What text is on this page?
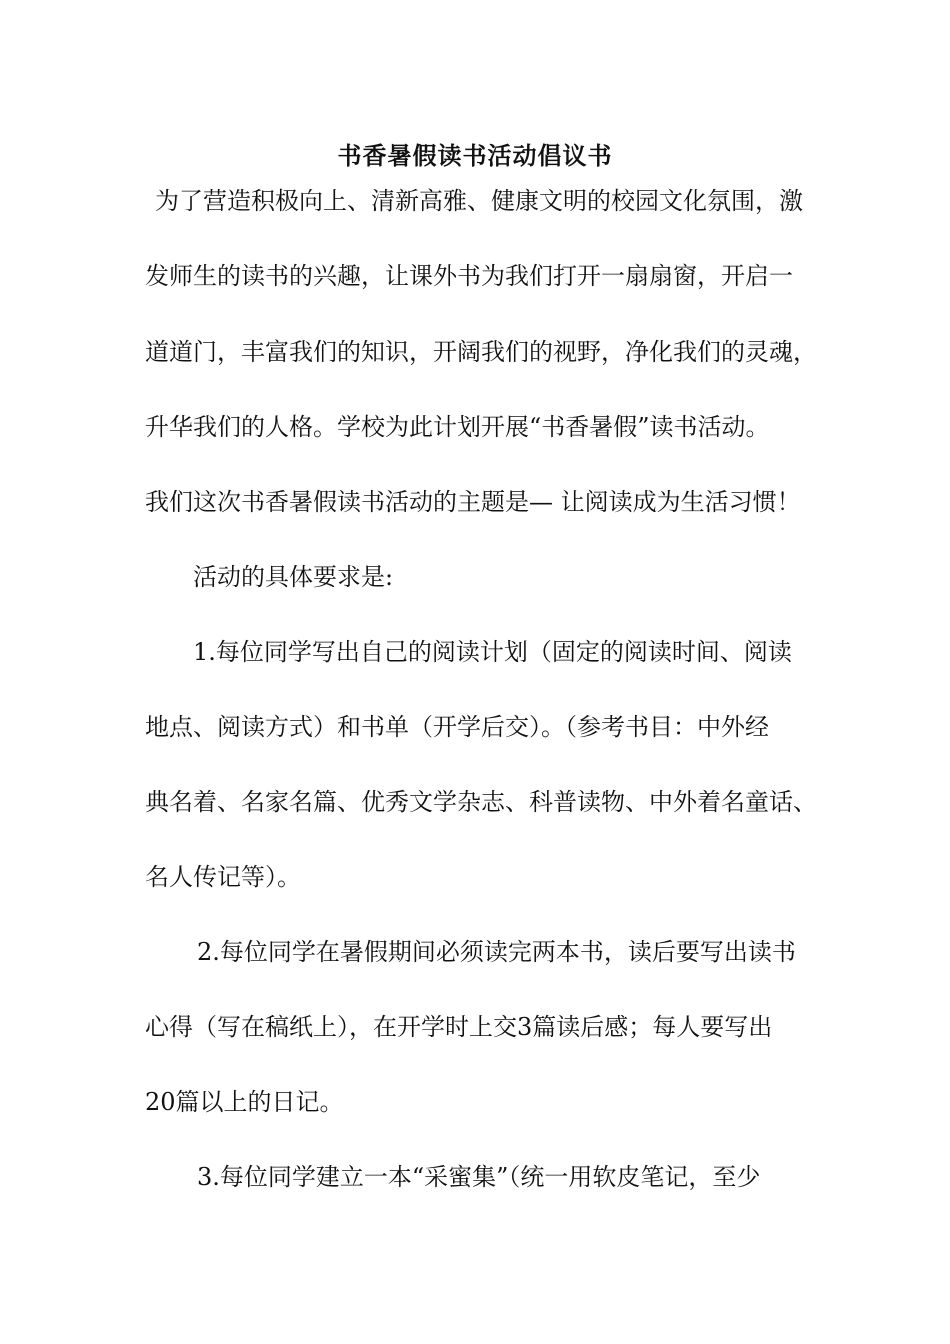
书香暑假读书活动倡议书

为了营造积极向上、清新高雅、健康文明的校园文化氛围，激

发师生的读书的兴趣，让课外书为我们打开一扇扇窗，开启一

道道门，丰富我们的知识，开阔我们的视野，净化我们的灵魂，

升华我们的人格。学校为此计划开展“书香暑假”读书活动。

我们这次书香暑假读书活动的主题是— 让阅读成为生活习惯！

活动的具体要求是:

1.每位同学写出自己的阅读计划（固定的阅读时间、阅读

地点、阅读方式）和书单（开学后交）。（参考书目：中外经

典名着、名家名篇、优秀文学杂志、科普读物、中外着名童话、

名人传记等）。

2.每位同学在暑假期间必须读完两本书，读后要写出读书

心得（写在稿纸上），在开学时上交3篇读后感；每人要写出

20篇以上的日记。

3.每位同学建立一本“采蜜集”（统一用软皮笔记，至少
